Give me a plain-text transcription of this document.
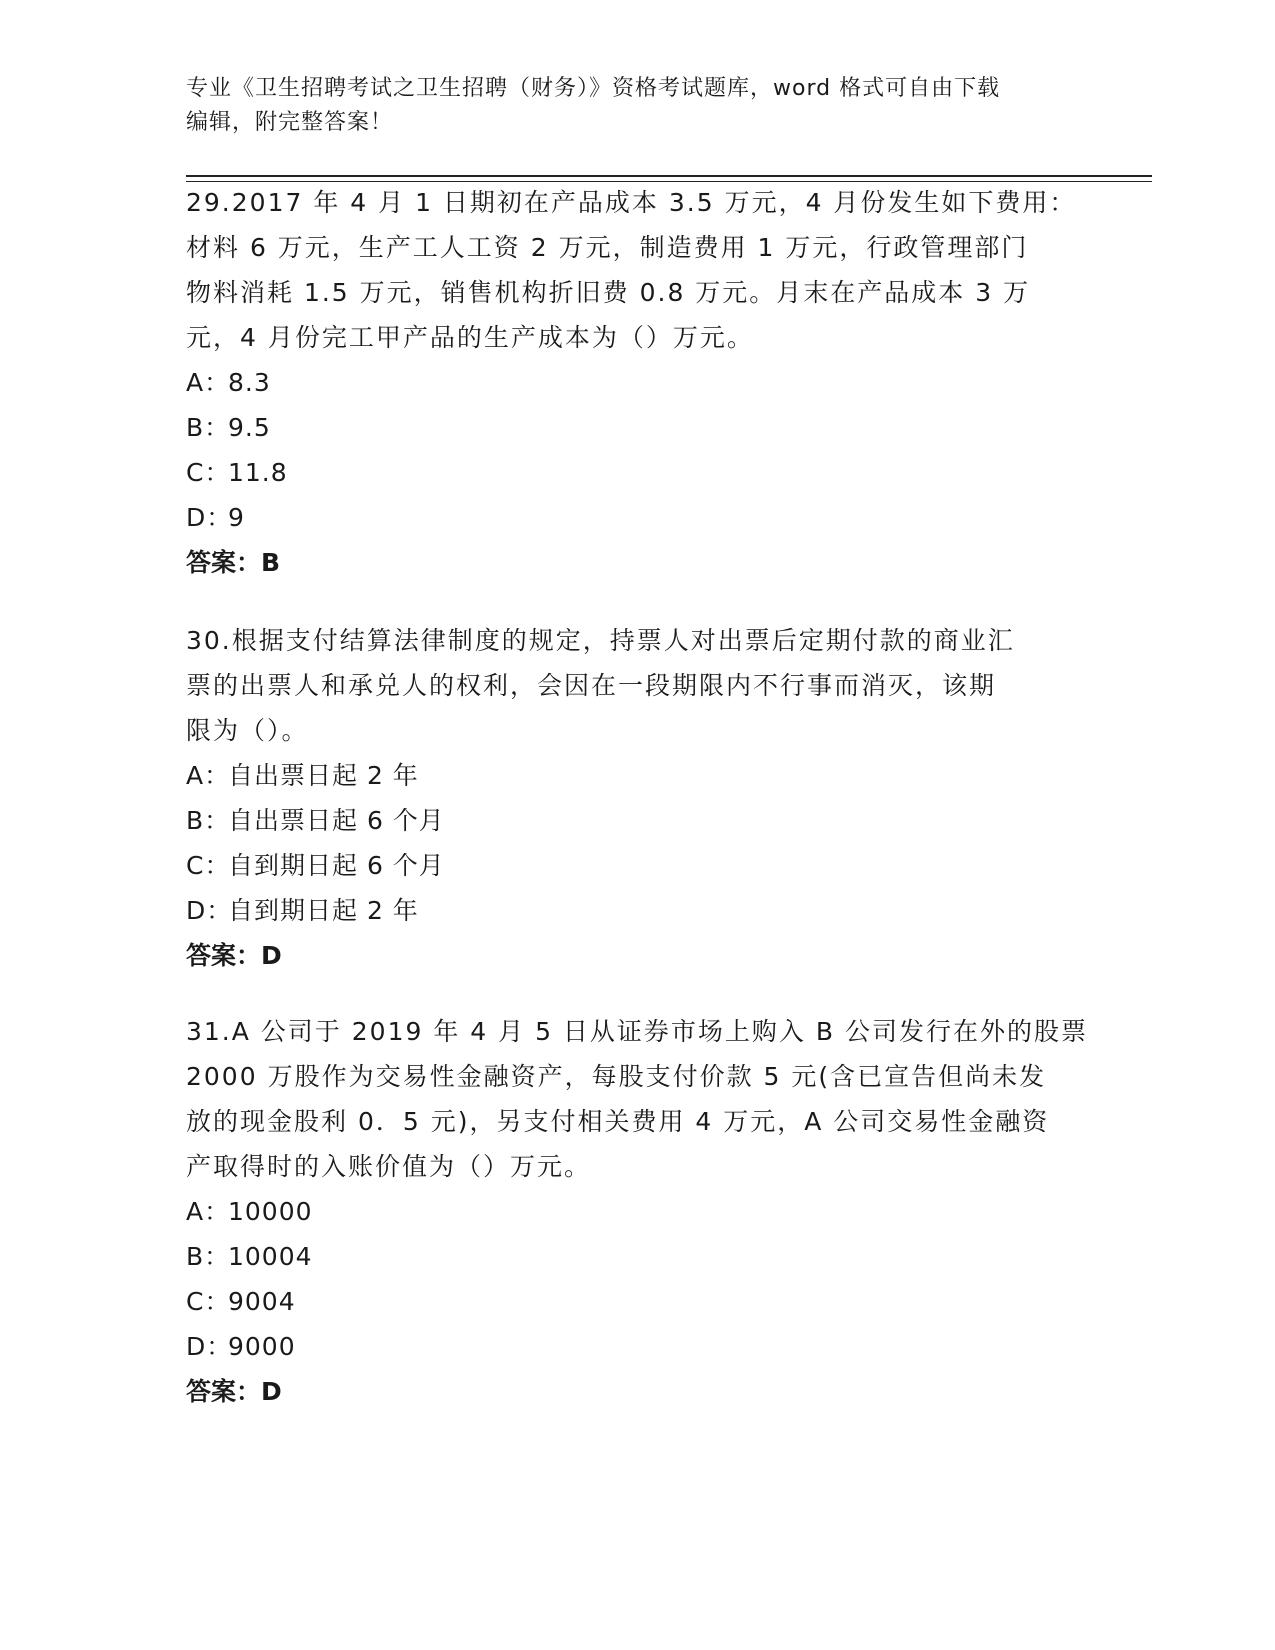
专业《卫生招聘考试之卫生招聘（财务）》资格考试题库，word 格式可自由下载
编辑，附完整答案！

29.2017 年 4 月 1 日期初在产品成本 3.5 万元，4 月份发生如下费用：

材料 6 万元，生产工人工资 2 万元，制造费用 1 万元，行政管理部门

物料消耗 1.5 万元，销售机构折旧费 0.8 万元。月末在产品成本 3 万

元，4 月份完工甲产品的生产成本为（）万元。

A：8.3

B：9.5

C：11.8

D：9

答案：B

30.根据支付结算法律制度的规定，持票人对出票后定期付款的商业汇

票的出票人和承兑人的权利，会因在一段期限内不行事而消灭，该期

限为（）。

A：自出票日起 2 年

B：自出票日起 6 个月

C：自到期日起 6 个月

D：自到期日起 2 年

答案：D

31.A 公司于 2019 年 4 月 5 日从证券市场上购入 B 公司发行在外的股票

2000 万股作为交易性金融资产，每股支付价款 5 元(含已宣告但尚未发

放的现金股利 0．5 元)，另支付相关费用 4 万元，A 公司交易性金融资

产取得时的入账价值为（）万元。

A：10000

B：10004

C：9004

D：9000

答案：D
